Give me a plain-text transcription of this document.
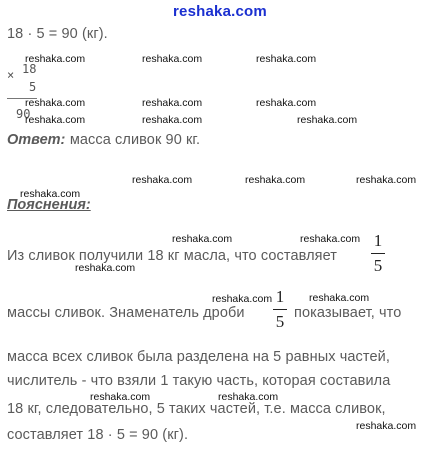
reshaka.com
18 · 5 = 90 (кг).
reshaka.com	reshaka.com	reshaka.com
× 18
5
reshaka.com	reshaka.com	reshaka.com
90
reshaka.com	reshaka.com	reshaka.com
Ответ: масса сливок 90 кг.
reshaka.com	reshaka.com	reshaka.com
reshaka.com
Пояснения:
reshaka.com	reshaka.com
Из сливок получили 18 кг масла, что составляет
1
5
reshaka.com
reshaka.com	reshaka.com
массы сливок. Знаменатель дроби
1
5 показывает, что
масса всех сливок была разделена на 5 равных частей,
числитель - что взяли 1 такую часть, которая составила
reshaka.com	reshaka.com
18 кг, следовательно, 5 таких частей, т.е. масса сливок,
reshaka.com
составляет 18 · 5 = 90 (кг).
